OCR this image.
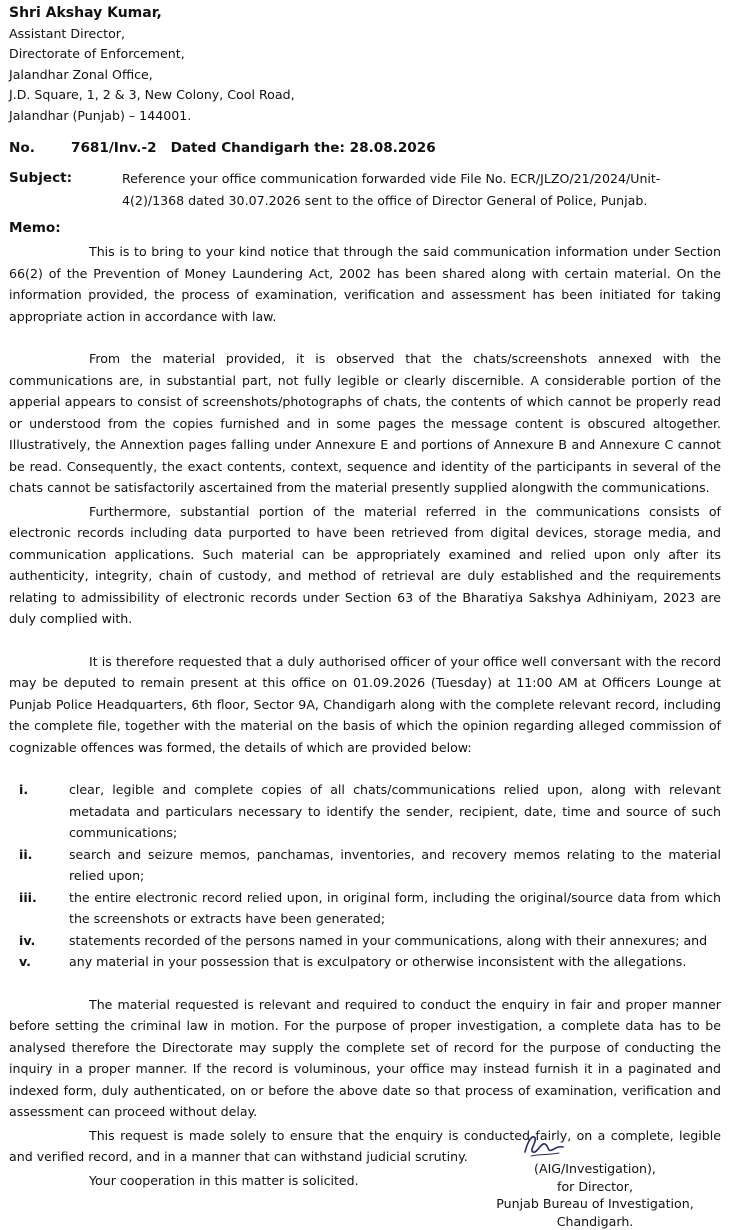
Shri Akshay Kumar,
Assistant Director,
Directorate of Enforcement,
Jalandhar Zonal Office,
J.D. Square, 1, 2 & 3, New Colony, Cool Road,
Jalandhar (Punjab) – 144001.
No.	7681/Inv.-2 Dated Chandigarh the: 28.08.2026
Subject:	Reference your office communication forwarded vide File No. ECR/JLZO/21/2024/Unit-4(2)/1368 dated 30.07.2026 sent to the office of Director General of Police, Punjab.
Memo:

This is to bring to your kind notice that through the said communication information under Section 66(2) of the Prevention of Money Laundering Act, 2002 has been shared along with certain material. On the information provided, the process of examination, verification and assessment has been initiated for taking appropriate action in accordance with law.

From the material provided, it is observed that the chats/screenshots annexed with the communications are, in substantial part, not fully legible or clearly discernible. A considerable portion of the apperial appears to consist of screenshots/photographs of chats, the contents of which cannot be properly read or understood from the copies furnished and in some pages the message content is obscured altogether. Illustratively, the Annextion pages falling under Annexure E and portions of Annexure B and Annexure C cannot be read. Consequently, the exact contents, context, sequence and identity of the participants in several of the chats cannot be satisfactorily ascertained from the material presently supplied alongwith the communications.

Furthermore, substantial portion of the material referred in the communications consists of electronic records including data purported to have been retrieved from digital devices, storage media, and communication applications. Such material can be appropriately examined and relied upon only after its authenticity, integrity, chain of custody, and method of retrieval are duly established and the requirements relating to admissibility of electronic records under Section 63 of the Bharatiya Sakshya Adhiniyam, 2023 are duly complied with.

It is therefore requested that a duly authorised officer of your office well conversant with the record may be deputed to remain present at this office on 01.09.2026 (Tuesday) at 11:00 AM at Officers Lounge at Punjab Police Headquarters, 6th floor, Sector 9A, Chandigarh along with the complete relevant record, including the complete file, together with the material on the basis of which the opinion regarding alleged commission of cognizable offences was formed, the details of which are provided below:

i.	clear, legible and complete copies of all chats/communications relied upon, along with relevant metadata and particulars necessary to identify the sender, recipient, date, time and source of such communications;
ii.	search and seizure memos, panchamas, inventories, and recovery memos relating to the material relied upon;
iii.	the entire electronic record relied upon, in original form, including the original/source data from which the screenshots or extracts have been generated;
iv.	statements recorded of the persons named in your communications, along with their annexures; and
v.	any material in your possession that is exculpatory or otherwise inconsistent with the allegations.

The material requested is relevant and required to conduct the enquiry in fair and proper manner before setting the criminal law in motion. For the purpose of proper investigation, a complete data has to be analysed therefore the Directorate may supply the complete set of record for the purpose of conducting the inquiry in a proper manner. If the record is voluminous, your office may instead furnish it in a paginated and indexed form, duly authenticated, on or before the above date so that process of examination, verification and assessment can proceed without delay.

This request is made solely to ensure that the enquiry is conducted fairly, on a complete, legible and verified record, and in a manner that can withstand judicial scrutiny.

Your cooperation in this matter is solicited.

(AIG/Investigation),
for Director,
Punjab Bureau of Investigation,
Chandigarh.
